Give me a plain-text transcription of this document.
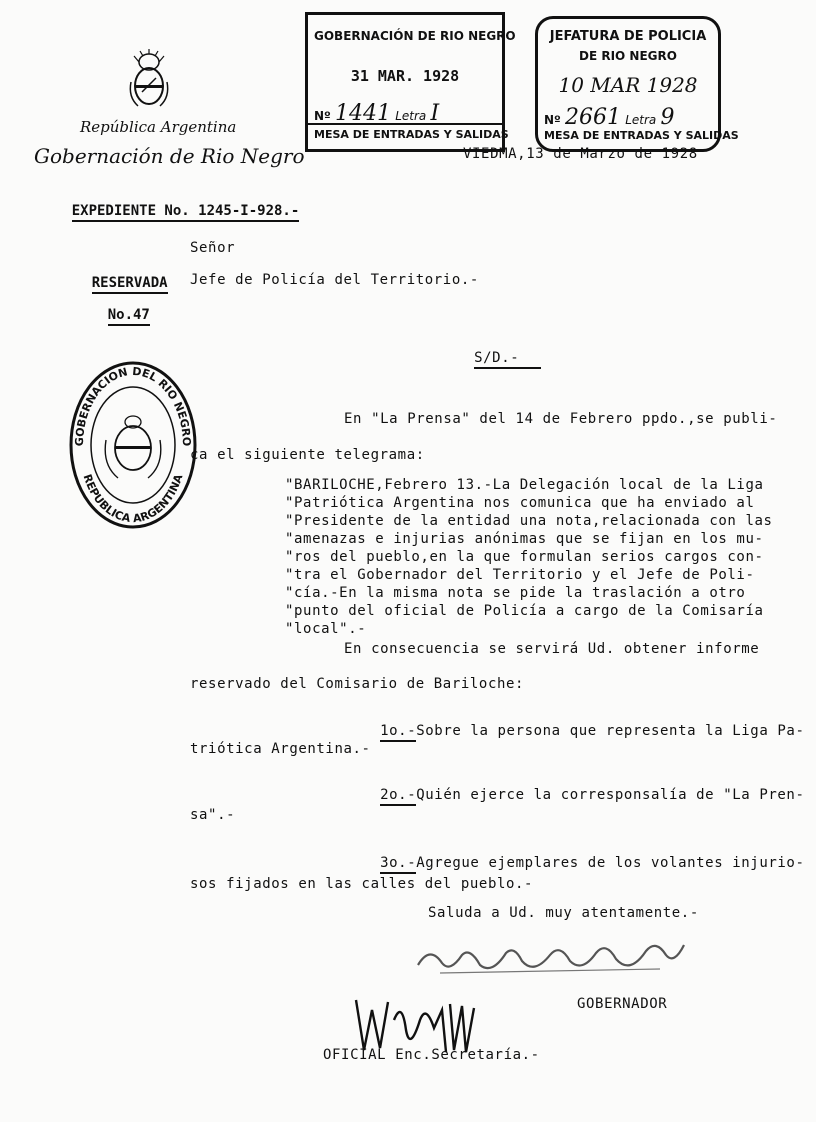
República Argentina
Gobernación de Rio Negro

EXPEDIENTE No. 1245-I-928.-

GOBERNACIÓN DE RIO NEGRO
31 MAR. 1928
Nº 1441 Letra I
MESA DE ENTRADAS Y SALIDAS
JEFATURA DE POLICIA
DE RIO NEGRO
10 MAR 1928
Nº 2661 Letra 9
MESA DE ENTRADAS Y SALIDAS
VIEDMA,13 de Marzo de 1928

RESERVADA

No.47

Señor
Jefe de Policía del Territorio.-

S/D.-

GOBERNACION DEL RIO NEGRO
REPUBLICA ARGENTINA
En "La Prensa" del 14 de Febrero ppdo.,se publi-
ca el siguiente telegrama:
"BARILOCHE,Febrero 13.-La Delegación local de la Liga
"Patriótica Argentina nos comunica que ha enviado al
"Presidente de la entidad una nota,relacionada con las
"amenazas e injurias anónimas que se fijan en los mu-
"ros del pueblo,en la que formulan serios cargos con-
"tra el Gobernador del Territorio y el Jefe de Poli-
"cía.-En la misma nota se pide la traslación a otro
"punto del oficial de Policía a cargo de la Comisaría
"local".-
En consecuencia se servirá Ud. obtener informe
reservado del Comisario de Bariloche:

1o.-Sobre la persona que representa la Liga Pa-

triótica Argentina.-

2o.-Quién ejerce la corresponsalía de "La Pren-

sa".-

3o.-Agregue ejemplares de los volantes injurio-

sos fijados en las calles del pueblo.-
Saluda a Ud. muy atentamente.-
GOBERNADOR
OFICIAL Enc.Secretaría.-
